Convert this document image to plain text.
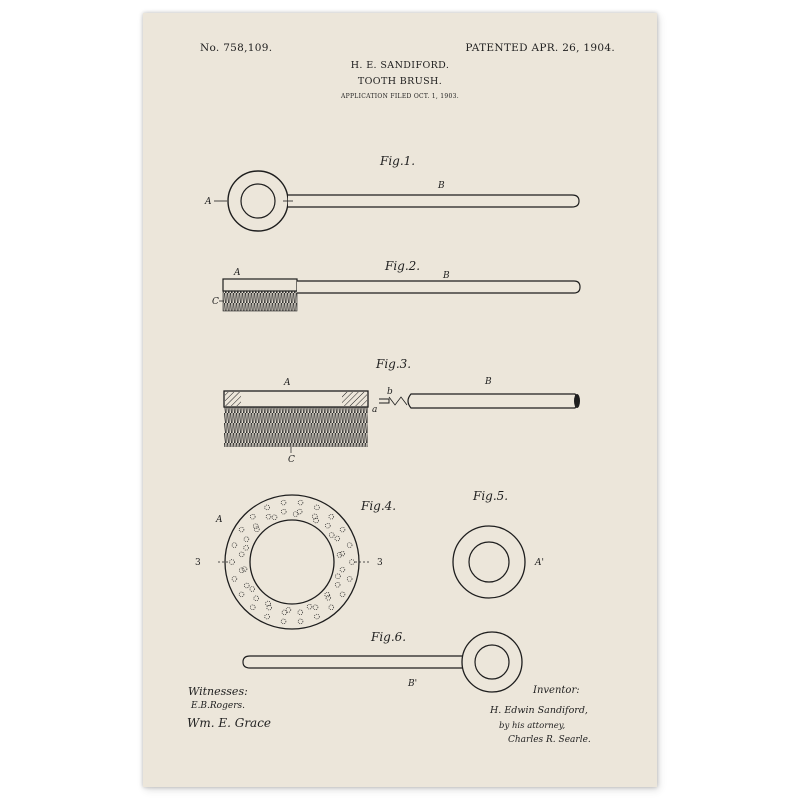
No. 758,109.	PATENTED APR. 26, 1904.
H. E. SANDIFORD.
TOOTH BRUSH.
APPLICATION FILED OCT. 1, 1903.
Fig.1.
A
B
Fig.2.
A	B
C
Fig.3.
A	B
b
a
C
Fig.4.
3	3
A
Fig.5.
A'
Fig.6.
B'
Witnesses:
E.B.Rogers.
Wm. E. Grace
Inventor:
H. Edwin Sandiford,
by his attorney,
Charles R. Searle.
